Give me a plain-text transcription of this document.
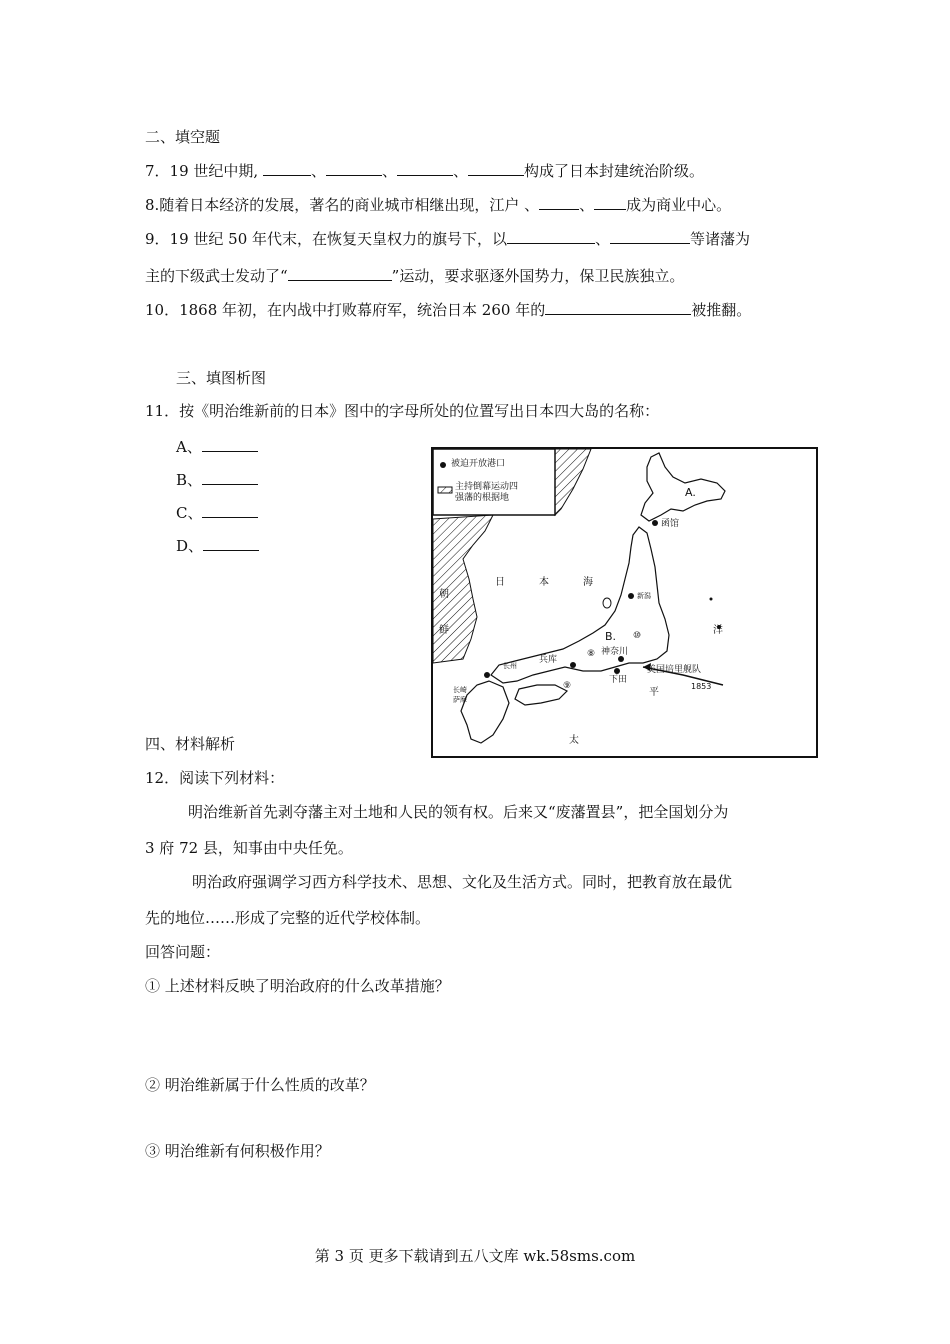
二、填空题
7．19 世纪中期,	、	、	、	构成了日本封建统治阶级。
8.随着日本经济的发展，著名的商业城市相继出现，江户 、	、 成为商业中心。
9．19 世纪 50 年代末，在恢复天皇权力的旗号下，以	、	等诸藩为
主的下级武士发动了“	”运动，要求驱逐外国势力，保卫民族独立。
10．1868 年初，在内战中打败幕府军，统治日本 260 年的	被推翻。
三、填图析图
11．按《明治维新前的日本》图中的字母所处的位置写出日本四大岛的名称：
A、
B、
C、
D、
被迫开放港口
主持倒幕运动四
强藩的根据地
日	本	海
A.
B.
函馆
新潟
兵库
神奈川
下田
美国培里舰队
1853
朝
鲜
太
平
洋
长崎
萨摩
长州
⑧
⑨
⑩
四、材料解析
12．阅读下列材料：
明治维新首先剥夺藩主对土地和人民的领有权。后来又“废藩置县”，把全国划分为
3 府 72 县，知事由中央任免。
明治政府强调学习西方科学技术、思想、文化及生活方式。同时，把教育放在最优
先的地位……形成了完整的近代学校体制。
回答问题：
① 上述材料反映了明治政府的什么改革措施？
② 明治维新属于什么性质的改革？
③ 明治维新有何积极作用？
第 3 页 更多下载请到五八文库 wk.58sms.com
